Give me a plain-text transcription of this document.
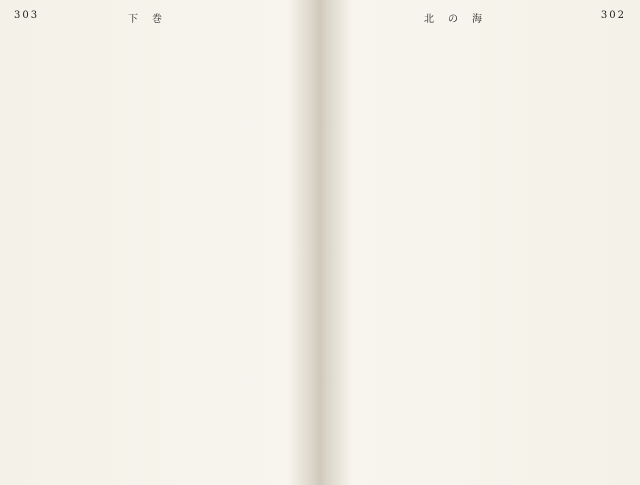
303	下　巻	北　の　海	302
